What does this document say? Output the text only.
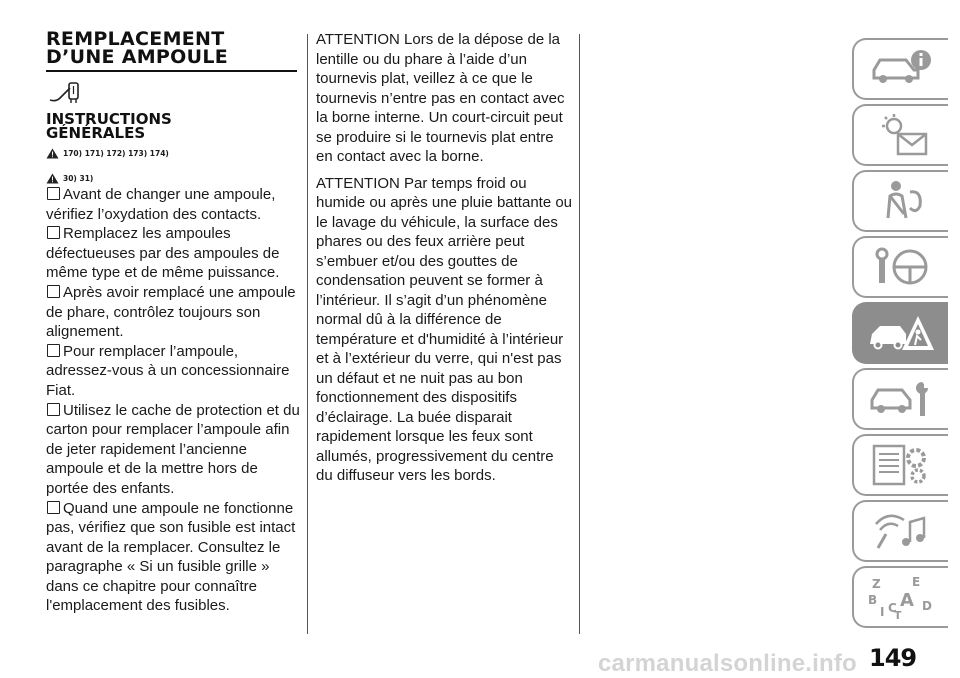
REMPLACEMENT
D’UNE AMPOULE
INSTRUCTIONS
GÉNÉRALES
170) 171) 172) 173) 174)
30) 31)

Avant de changer une ampoule, vérifiez l’oxydation des contacts.

Remplacez les ampoules défectueuses par des ampoules de même type et de même puissance.

Après avoir remplacé une ampoule de phare, contrôlez toujours son alignement.

Pour remplacer l’ampoule, adressez-vous à un concessionnaire Fiat.

Utilisez le cache de protection et du carton pour remplacer l’ampoule afin de jeter rapidement l’ancienne ampoule et de la mettre hors de portée des enfants.

Quand une ampoule ne fonctionne pas, vérifiez que son fusible est intact avant de la remplacer. Consultez le paragraphe « Si un fusible grille » dans ce chapitre pour connaître l'emplacement des fusibles.

ATTENTION Lors de la dépose de la lentille ou du phare à l’aide d’un tournevis plat, veillez à ce que le tournevis n’entre pas en contact avec la borne interne. Un court-circuit peut se produire si le tournevis plat entre en contact avec la borne.

ATTENTION Par temps froid ou humide ou après une pluie battante ou le lavage du véhicule, la surface des phares ou des feux arrière peut s’embuer et/ou des gouttes de condensation peuvent se former à l’intérieur. Il s’agit d’un phénomène normal dû à la différence de température et d'humidité à l’intérieur et à l’extérieur du verre, qui n'est pas un défaut et ne nuit pas au bon fonctionnement des dispositifs d’éclairage. La buée disparait rapidement lorsque les feux sont allumés, progressivement du centre du diffuseur vers les bords.

Z	E
B A D
I C
T
carmanualsonline.info 149
